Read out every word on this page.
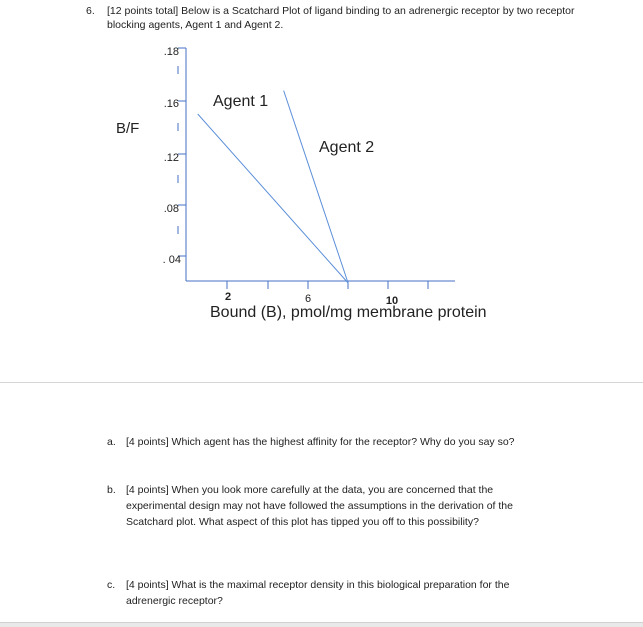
6. [12 points total] Below is a Scatchard Plot of ligand binding to an adrenergic receptor by two receptor blocking agents, Agent 1 and Agent 2.
.18
.16
.12
.08
. 04
2	6	10
Agent 1
Agent 2
B/F
Bound (B), pmol/mg membrane protein
a. [4 points] Which agent has the highest affinity for the receptor? Why do you say so?
b. [4 points] When you look more carefully at the data, you are concerned that the experimental design may not have followed the assumptions in the derivation of the Scatchard plot. What aspect of this plot has tipped you off to this possibility?
c. [4 points] What is the maximal receptor density in this biological preparation for the adrenergic receptor?
